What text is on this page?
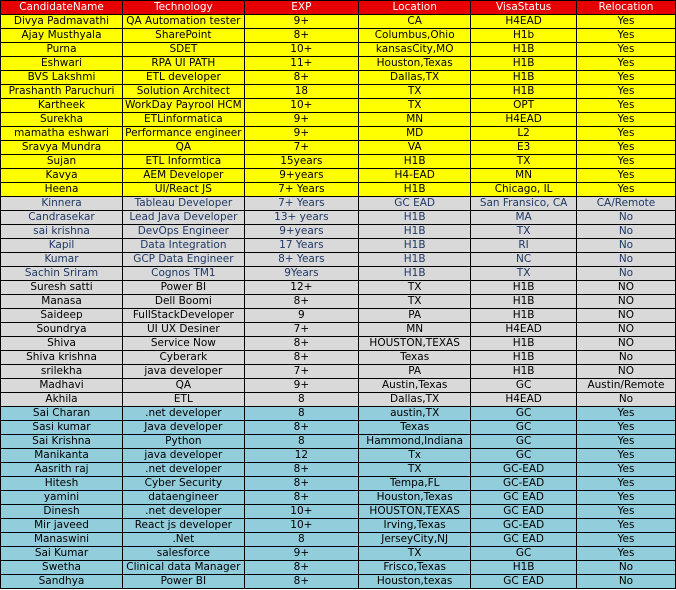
CandidateName	Technology	EXP	Location	VisaStatus	Relocation
Divya Padmavathi	QA Automation tester	9+	CA	H4EAD	Yes
Ajay Musthyala	SharePoint	8+	Columbus,Ohio	H1b	Yes
Purna	SDET	10+	kansasCity,MO	H1B	Yes
Eshwari	RPA UI PATH	11+	Houston,Texas	H1B	Yes
BVS Lakshmi	ETL developer	8+	Dallas,TX	H1B	Yes
Prashanth Paruchuri	Solution Architect	18	TX	H1B	Yes
Kartheek	WorkDay Payrool HCM	10+	TX	OPT	Yes
Surekha	ETLinformatica	9+	MN	H4EAD	Yes
mamatha eshwari	Performance engineer	9+	MD	L2	Yes
Sravya Mundra	QA	7+	VA	E3	Yes
Sujan	ETL Informtica	15years	H1B	TX	Yes
Kavya	AEM Developer	9+years	H4-EAD	MN	Yes
Heena	UI/React JS	7+ Years	H1B	Chicago, IL	Yes
Kinnera	Tableau Developer	7+ Years	GC EAD	San Fransico, CA	CA/Remote
Candrasekar	Lead Java Developer	13+ years	H1B	MA	No
sai krishna	DevOps Engineer	9+years	H1B	TX	No
Kapil	Data Integration	17 Years	H1B	RI	No
Kumar	GCP Data Engineer	8+ Years	H1B	NC	No
Sachin Sriram	Cognos TM1	9Years	H1B	TX	No
Suresh satti	Power BI	12+	TX	H1B	NO
Manasa	Dell Boomi	8+	TX	H1B	NO
Saideep	FullStackDeveloper	9	PA	H1B	NO
Soundrya	UI UX Desiner	7+	MN	H4EAD	NO
Shiva	Service Now	8+	HOUSTON,TEXAS	H1B	NO
Shiva krishna	Cyberark	8+	Texas	H1B	No
srilekha	java developer	7+	PA	H1B	NO
Madhavi	QA	9+	Austin,Texas	GC	Austin/Remote
Akhila	ETL	8	Dallas,TX	H4EAD	No
Sai Charan	.net developer	8	austin,TX	GC	Yes
Sasi kumar	Java developer	8+	Texas	GC	Yes
Sai Krishna	Python	8	Hammond,Indiana	GC	Yes
Manikanta	java developer	12	Tx	GC	Yes
Aasrith raj	.net developer	8+	TX	GC-EAD	Yes
Hitesh	Cyber Security	8+	Tempa,FL	GC-EAD	Yes
yamini	dataengineer	8+	Houston,Texas	GC EAD	Yes
Dinesh	.net developer	10+	HOUSTON,TEXAS	GC EAD	Yes
Mir javeed	React js developer	10+	Irving,Texas	GC-EAD	Yes
Manaswini	.Net	8	JerseyCity,NJ	GC EAD	Yes
Sai Kumar	salesforce	9+	TX	GC	Yes
Swetha	Clinical data Manager	8+	Frisco,Texas	H1B	No
Sandhya	Power BI	8+	Houston,texas	GC EAD	No
